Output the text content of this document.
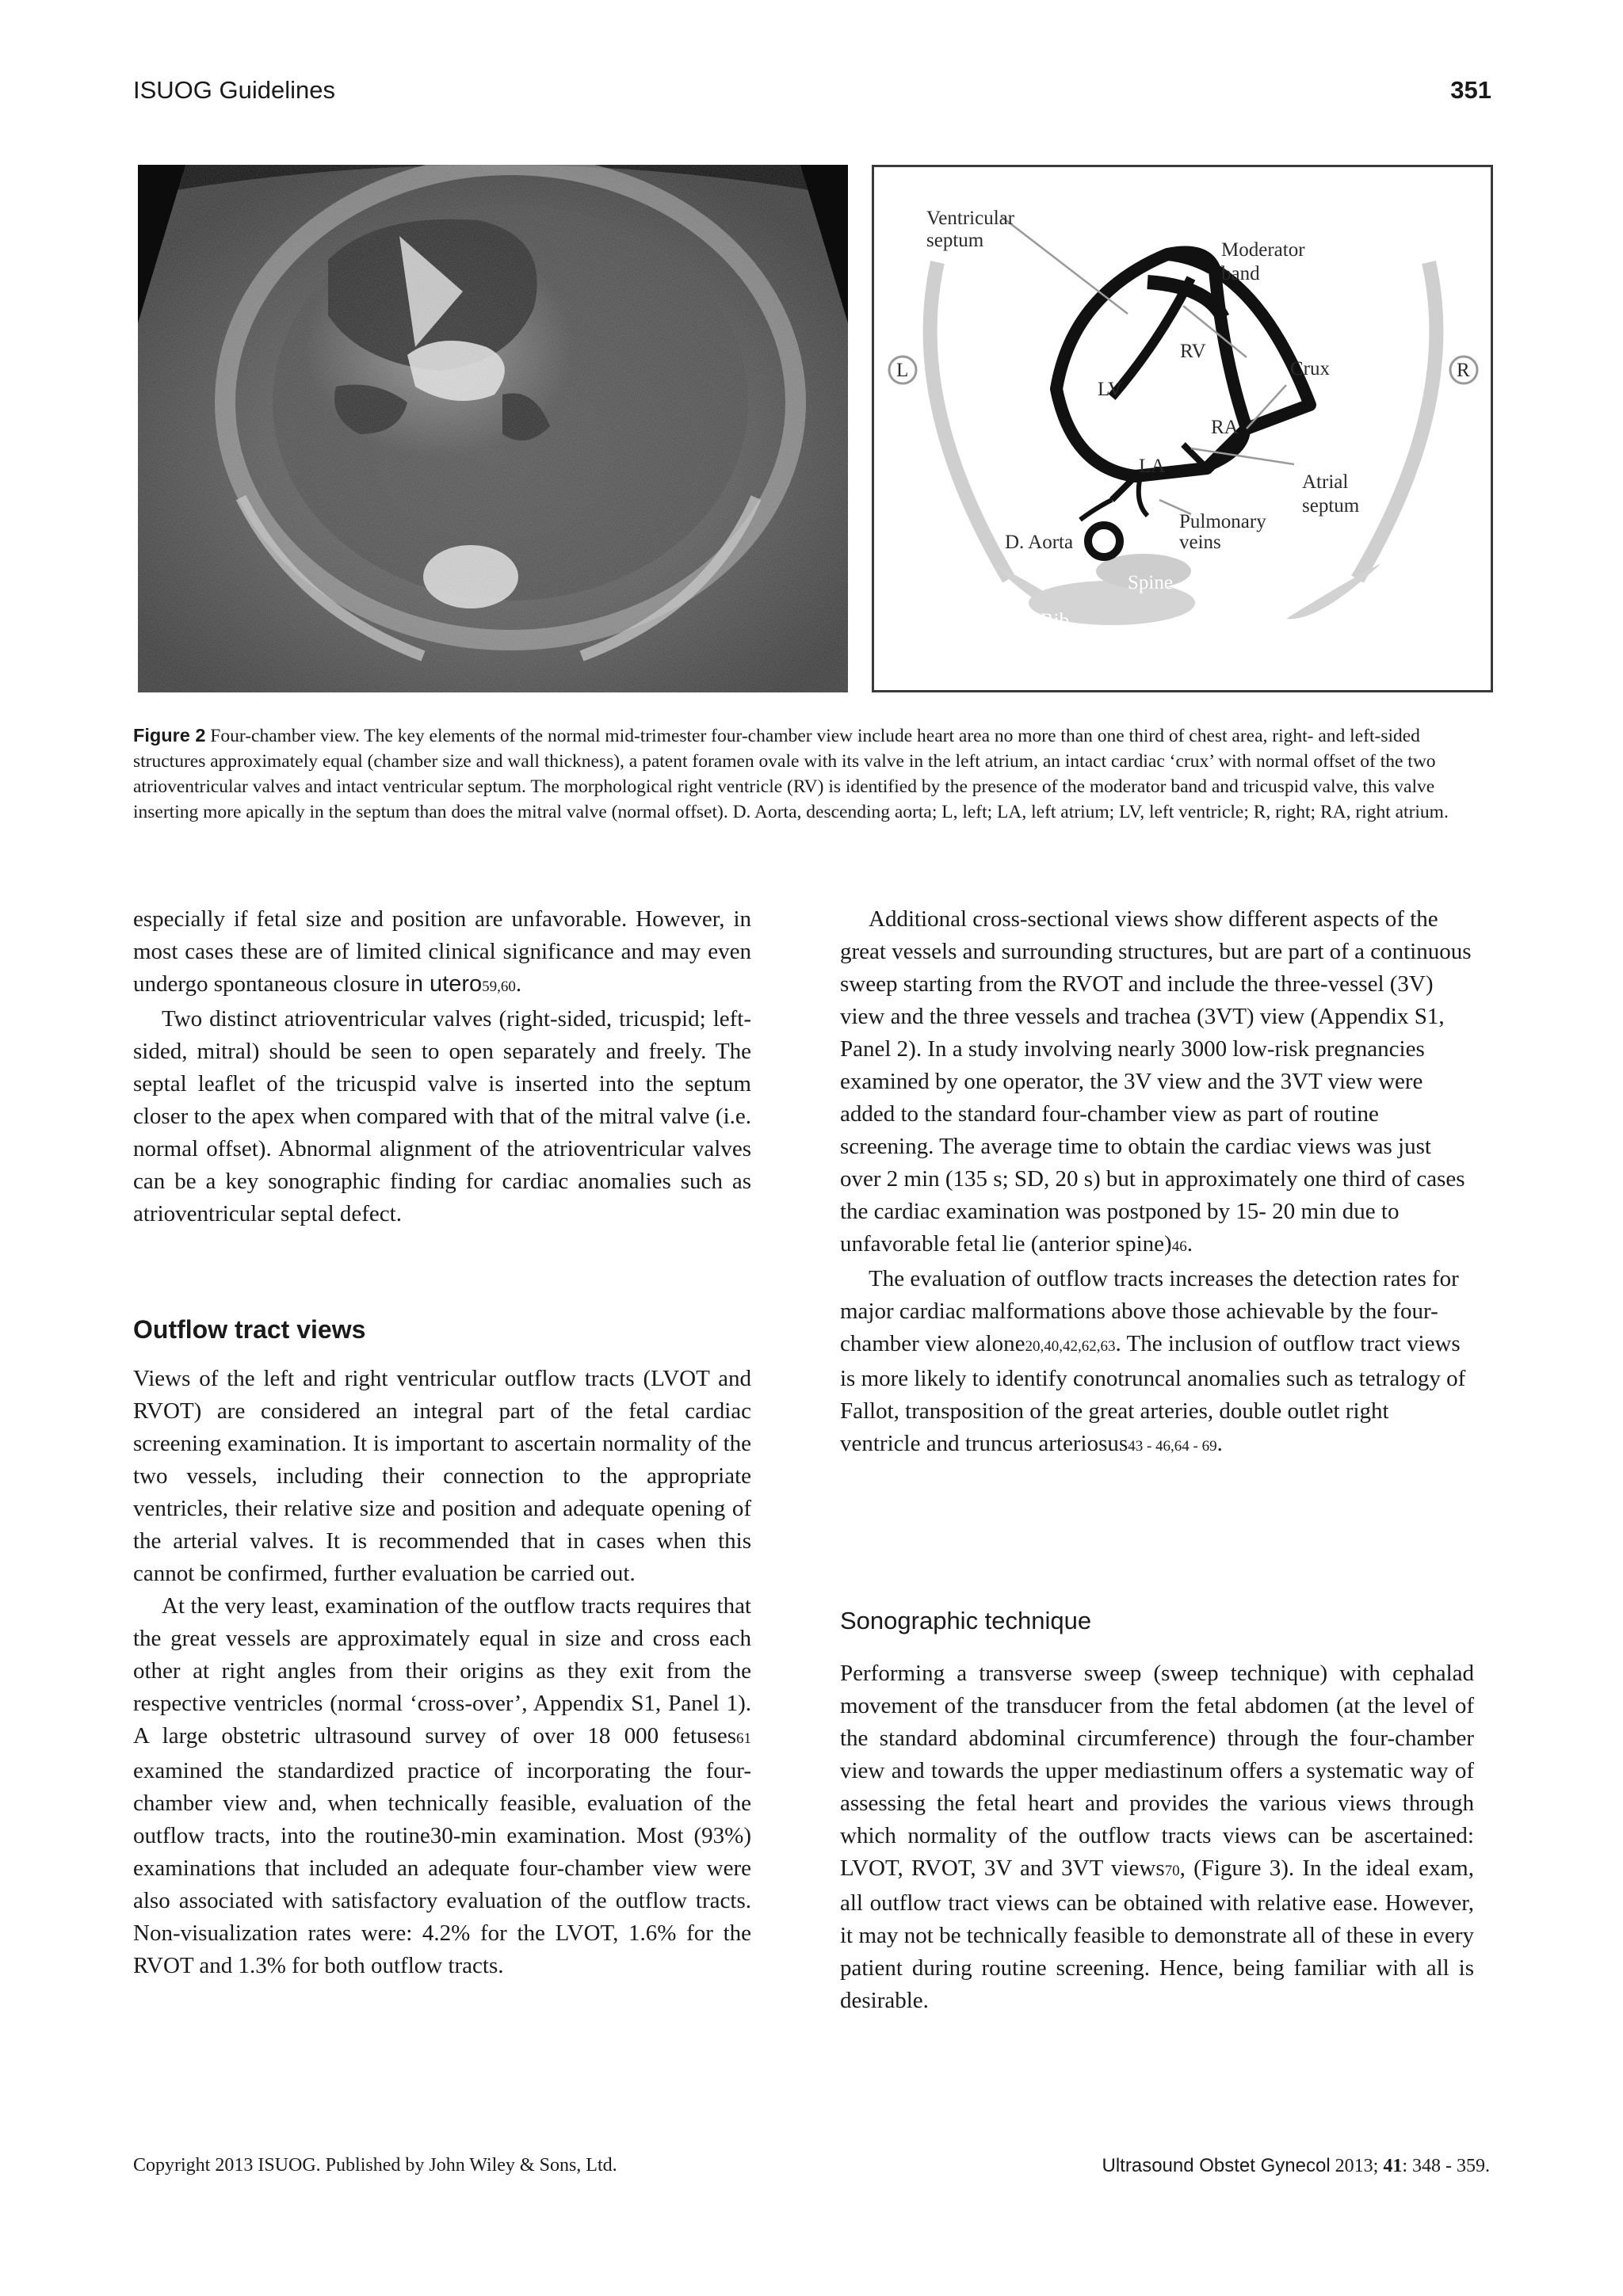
ISUOG Guidelines	351
Ventricular
septum	Moderator
band
RV
Crux
L	R
LV
RA
LA
Atrial
septum
Pulmonary
veins
D. Aorta
Spine
Rib
Figure 2 Four-chamber view. The key elements of the normal mid-trimester four-chamber view include heart area no more than one third of chest area, right- and left-sided structures approximately equal (chamber size and wall thickness), a patent foramen ovale with its valve in the left atrium, an intact cardiac ‘crux’ with normal offset of the two atrioventricular valves and intact ventricular septum. The morphological right ventricle (RV) is identified by the presence of the moderator band and tricuspid valve, this valve inserting more apically in the septum than does the mitral valve (normal offset). D. Aorta, descending aorta; L, left; LA, left atrium; LV, left ventricle; R, right; RA, right atrium.

especially if fetal size and position are unfavorable. However, in most cases these are of limited clinical significance and may even undergo spontaneous closure in utero59,60.

Two distinct atrioventricular valves (right-sided, tricuspid; left-sided, mitral) should be seen to open separately and freely. The septal leaflet of the tricuspid valve is inserted into the septum closer to the apex when compared with that of the mitral valve (i.e. normal offset). Abnormal alignment of the atrioventricular valves can be a key sonographic finding for cardiac anomalies such as atrioventricular septal defect.

Outflow tract views

Views of the left and right ventricular outflow tracts (LVOT and RVOT) are considered an integral part of the fetal cardiac screening examination. It is important to ascertain normality of the two vessels, including their connection to the appropriate ventricles, their relative size and position and adequate opening of the arterial valves. It is recommended that in cases when this cannot be confirmed, further evaluation be carried out.

At the very least, examination of the outflow tracts requires that the great vessels are approximately equal in size and cross each other at right angles from their origins as they exit from the respective ventricles (normal ‘cross-over’, Appendix S1, Panel 1). A large obstetric ultrasound survey of over 18 000 fetuses61 examined the standardized practice of incorporating the four-chamber view and, when technically feasible, evaluation of the outflow tracts, into the routine30-min examination. Most (93%) examinations that included an adequate four-chamber view were also associated with satisfactory evaluation of the outflow tracts. Non-visualization rates were: 4.2% for the LVOT, 1.6% for the RVOT and 1.3% for both outflow tracts.

Additional cross-sectional views show different aspects of the great vessels and surrounding structures, but are part of a continuous sweep starting from the RVOT and include the three-vessel (3V) view and the three vessels and trachea (3VT) view (Appendix S1, Panel 2). In a study involving nearly 3000 low-risk pregnancies examined by one operator, the 3V view and the 3VT view were added to the standard four-chamber view as part of routine screening. The average time to obtain the cardiac views was just over 2 min (135 s; SD, 20 s) but in approximately one third of cases the cardiac examination was postponed by 15- 20 min due to unfavorable fetal lie (anterior spine)46.

The evaluation of outflow tracts increases the detection rates for major cardiac malformations above those achievable by the four-chamber view alone20,40,42,62,63. The inclusion of outflow tract views is more likely to identify conotruncal anomalies such as tetralogy of Fallot, transposition of the great arteries, double outlet right ventricle and truncus arteriosus43 - 46,64 - 69.

Sonographic technique

Performing a transverse sweep (sweep technique) with cephalad movement of the transducer from the fetal abdomen (at the level of the standard abdominal circumference) through the four-chamber view and towards the upper mediastinum offers a systematic way of assessing the fetal heart and provides the various views through which normality of the outflow tracts views can be ascertained: LVOT, RVOT, 3V and 3VT views70, (Figure 3). In the ideal exam, all outflow tract views can be obtained with relative ease. However, it may not be technically feasible to demonstrate all of these in every patient during routine screening. Hence, being familiar with all is desirable.

Copyright 2013 ISUOG. Published by John Wiley & Sons, Ltd.	Ultrasound Obstet Gynecol 2013; 41: 348 - 359.
